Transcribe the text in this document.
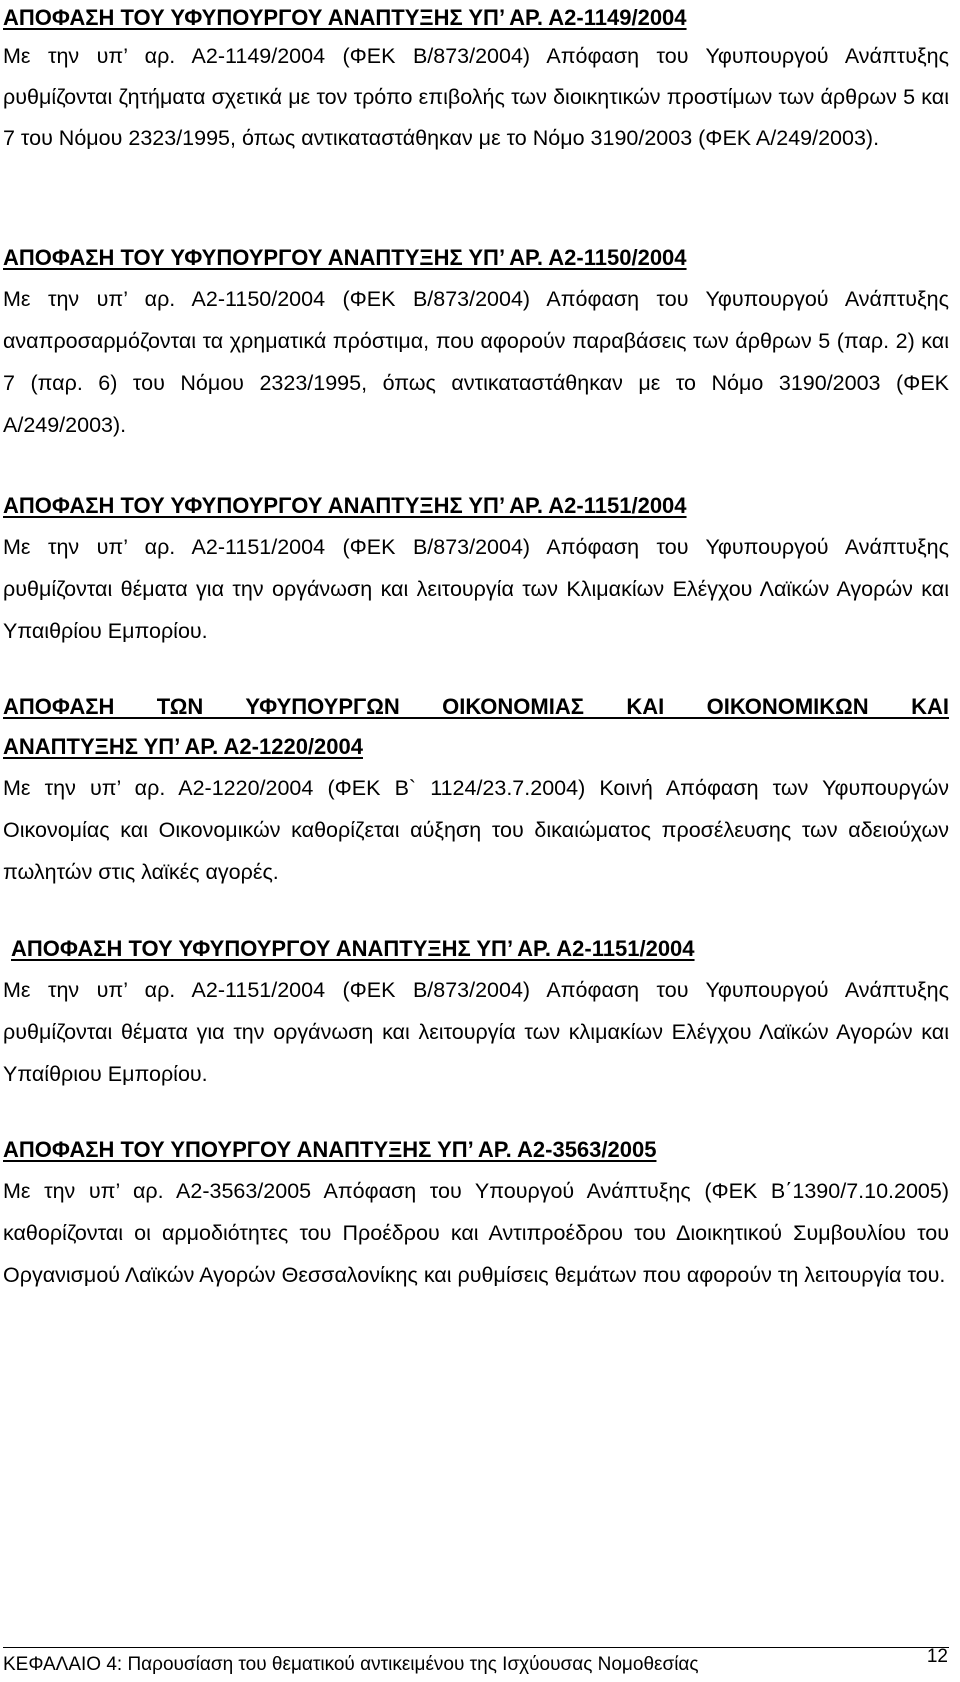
ΑΠΟΦΑΣΗ ΤΟΥ ΥΦΥΠΟΥΡΓΟΥ ΑΝΑΠΤΥΞΗΣ ΥΠ’ ΑΡ. Α2-1149/2004

Με την υπ’ αρ. Α2-1149/2004 (ΦΕΚ Β/873/2004) Απόφαση του Υφυπουργού Ανάπτυξης ρυθμίζονται ζητήματα σχετικά με τον τρόπο επιβολής των διοικητικών προστίμων των άρθρων 5 και 7 του Νόμου 2323/1995, όπως αντικαταστάθηκαν με το Νόμο 3190/2003 (ΦΕΚ Α/249/2003).

ΑΠΟΦΑΣΗ ΤΟΥ ΥΦΥΠΟΥΡΓΟΥ ΑΝΑΠΤΥΞΗΣ ΥΠ’ ΑΡ. Α2-1150/2004

Με την υπ’ αρ. Α2-1150/2004 (ΦΕΚ Β/873/2004) Απόφαση του Υφυπουργού Ανάπτυξης αναπροσαρμόζονται τα χρηματικά πρόστιμα, που αφορούν παραβάσεις των άρθρων 5 (παρ. 2) και 7 (παρ. 6) του Νόμου 2323/1995, όπως αντικαταστάθηκαν με το Νόμο 3190/2003 (ΦΕΚ Α/249/2003).

ΑΠΟΦΑΣΗ ΤΟΥ ΥΦΥΠΟΥΡΓΟΥ ΑΝΑΠΤΥΞΗΣ ΥΠ’ ΑΡ. Α2-1151/2004

Με την υπ’ αρ. Α2-1151/2004 (ΦΕΚ Β/873/2004) Απόφαση του Υφυπουργού Ανάπτυξης ρυθμίζονται θέματα για την οργάνωση και λειτουργία των Κλιμακίων Ελέγχου Λαϊκών Αγορών και Υπαιθρίου Εμπορίου.

ΑΠΟΦΑΣΗ ΤΩΝ ΥΦΥΠΟΥΡΓΩΝ ΟΙΚΟΝΟΜΙΑΣ ΚΑΙ ΟΙΚΟΝΟΜΙΚΩΝ ΚΑΙ
ΑΝΑΠΤΥΞΗΣ ΥΠ’ ΑΡ. Α2-1220/2004

Με την υπ’ αρ. Α2-1220/2004 (ΦΕΚ Β` 1124/23.7.2004) Κοινή Απόφαση των Υφυπουργών Οικονομίας και Οικονομικών καθορίζεται αύξηση του δικαιώματος προσέλευσης των αδειούχων πωλητών στις λαϊκές αγορές.

ΑΠΟΦΑΣΗ ΤΟΥ ΥΦΥΠΟΥΡΓΟΥ ΑΝΑΠΤΥΞΗΣ ΥΠ’ ΑΡ. Α2-1151/2004

Με την υπ’ αρ. Α2-1151/2004 (ΦΕΚ Β/873/2004) Απόφαση του Υφυπουργού Ανάπτυξης ρυθμίζονται θέματα για την οργάνωση και λειτουργία των κλιμακίων Ελέγχου Λαϊκών Αγορών και Υπαίθριου Εμπορίου.

ΑΠΟΦΑΣΗ ΤΟΥ ΥΠΟΥΡΓΟΥ ΑΝΑΠΤΥΞΗΣ ΥΠ’ ΑΡ. Α2-3563/2005

Με την υπ’ αρ. Α2-3563/2005 Απόφαση του Υπουργού Ανάπτυξης (ΦΕΚ Β΄1390/7.10.2005) καθορίζονται οι αρμοδιότητες του Προέδρου και Αντιπροέδρου του Διοικητικού Συμβουλίου του Οργανισμού Λαϊκών Αγορών Θεσσαλονίκης και ρυθμίσεις θεμάτων που αφορούν τη λειτουργία του.

ΚΕΦΑΛΑΙΟ 4: Παρουσίαση του θεματικού αντικειμένου της Ισχύουσας Νομοθεσίας	12
